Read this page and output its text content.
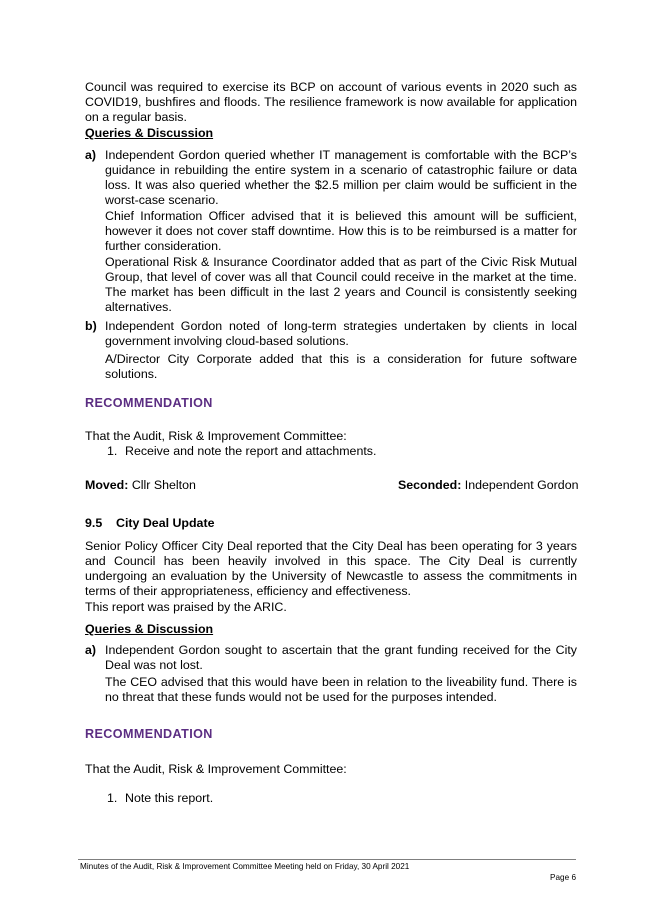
Council was required to exercise its BCP on account of various events in 2020 such as COVID19, bushfires and floods. The resilience framework is now available for application on a regular basis.

Queries & Discussion
a) Independent Gordon queried whether IT management is comfortable with the BCP’s guidance in rebuilding the entire system in a scenario of catastrophic failure or data loss. It was also queried whether the $2.5 million per claim would be sufficient in the worst-case scenario.

Chief Information Officer advised that it is believed this amount will be sufficient, however it does not cover staff downtime. How this is to be reimbursed is a matter for further consideration.

Operational Risk & Insurance Coordinator added that as part of the Civic Risk Mutual Group, that level of cover was all that Council could receive in the market at the time. The market has been difficult in the last 2 years and Council is consistently seeking alternatives.

b) Independent Gordon noted of long-term strategies undertaken by clients in local government involving cloud-based solutions.

A/Director City Corporate added that this is a consideration for future software solutions.

RECOMMENDATION
That the Audit, Risk & Improvement Committee:
1. Receive and note the report and attachments.
Moved: Cllr Shelton	Seconded: Independent Gordon
9.5 City Deal Update

Senior Policy Officer City Deal reported that the City Deal has been operating for 3 years and Council has been heavily involved in this space. The City Deal is currently undergoing an evaluation by the University of Newcastle to assess the commitments in terms of their appropriateness, efficiency and effectiveness.

This report was praised by the ARIC.

Queries & Discussion
a) Independent Gordon sought to ascertain that the grant funding received for the City Deal was not lost.

The CEO advised that this would have been in relation to the liveability fund. There is no threat that these funds would not be used for the purposes intended.

RECOMMENDATION
That the Audit, Risk & Improvement Committee:
1. Note this report.
Minutes of the Audit, Risk & Improvement Committee Meeting held on Friday, 30 April 2021
Page 6
